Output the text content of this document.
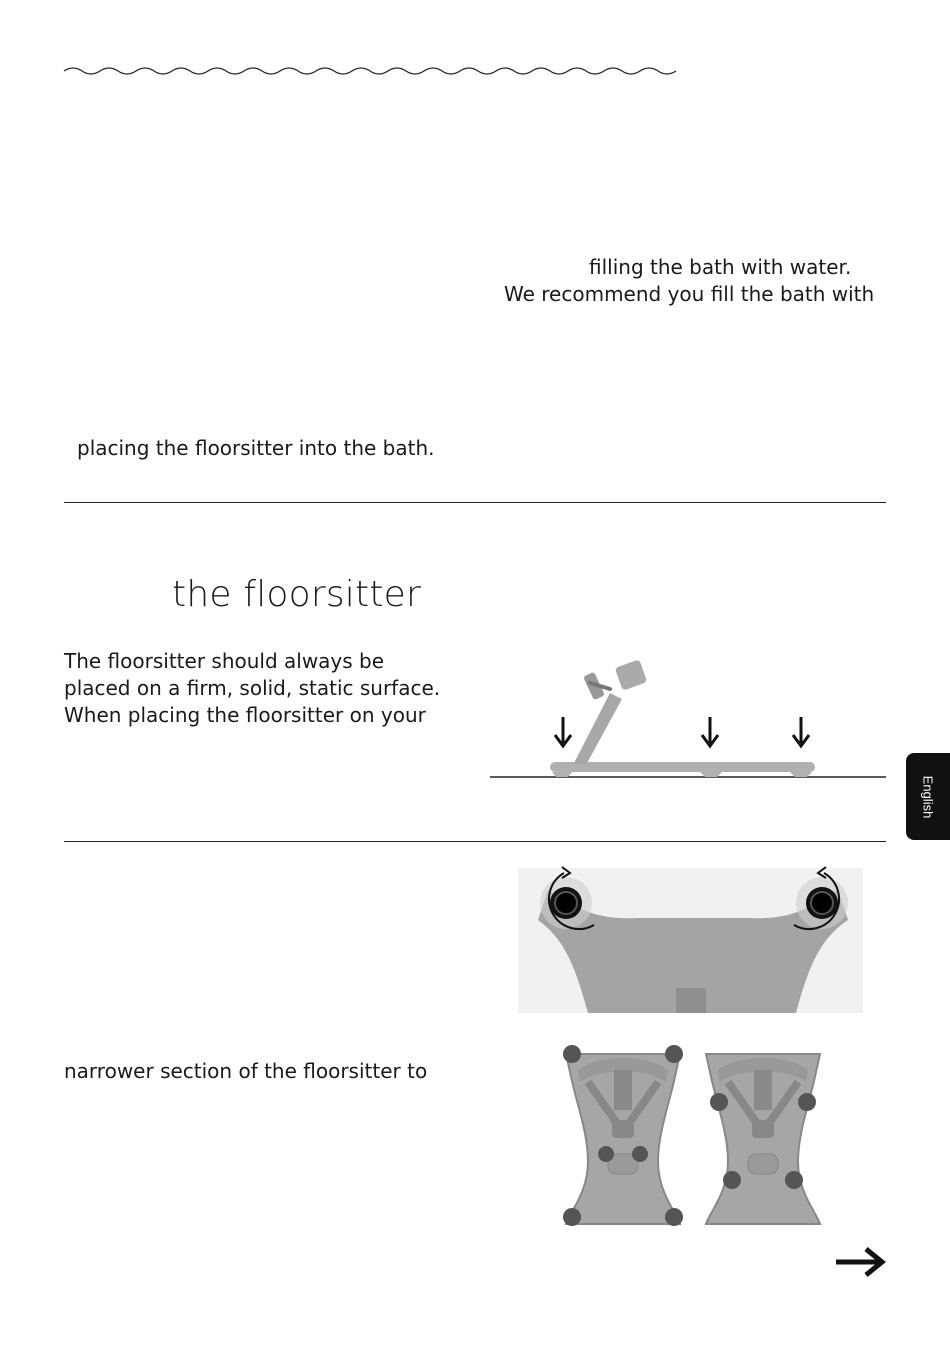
filling the bath with water.
We recommend you fill the bath with
placing the floorsitter into the bath.
the floorsitter
The floorsitter should always be
placed on a firm, solid, static surface.
When placing the floorsitter on your
English
narrower section of the floorsitter to
